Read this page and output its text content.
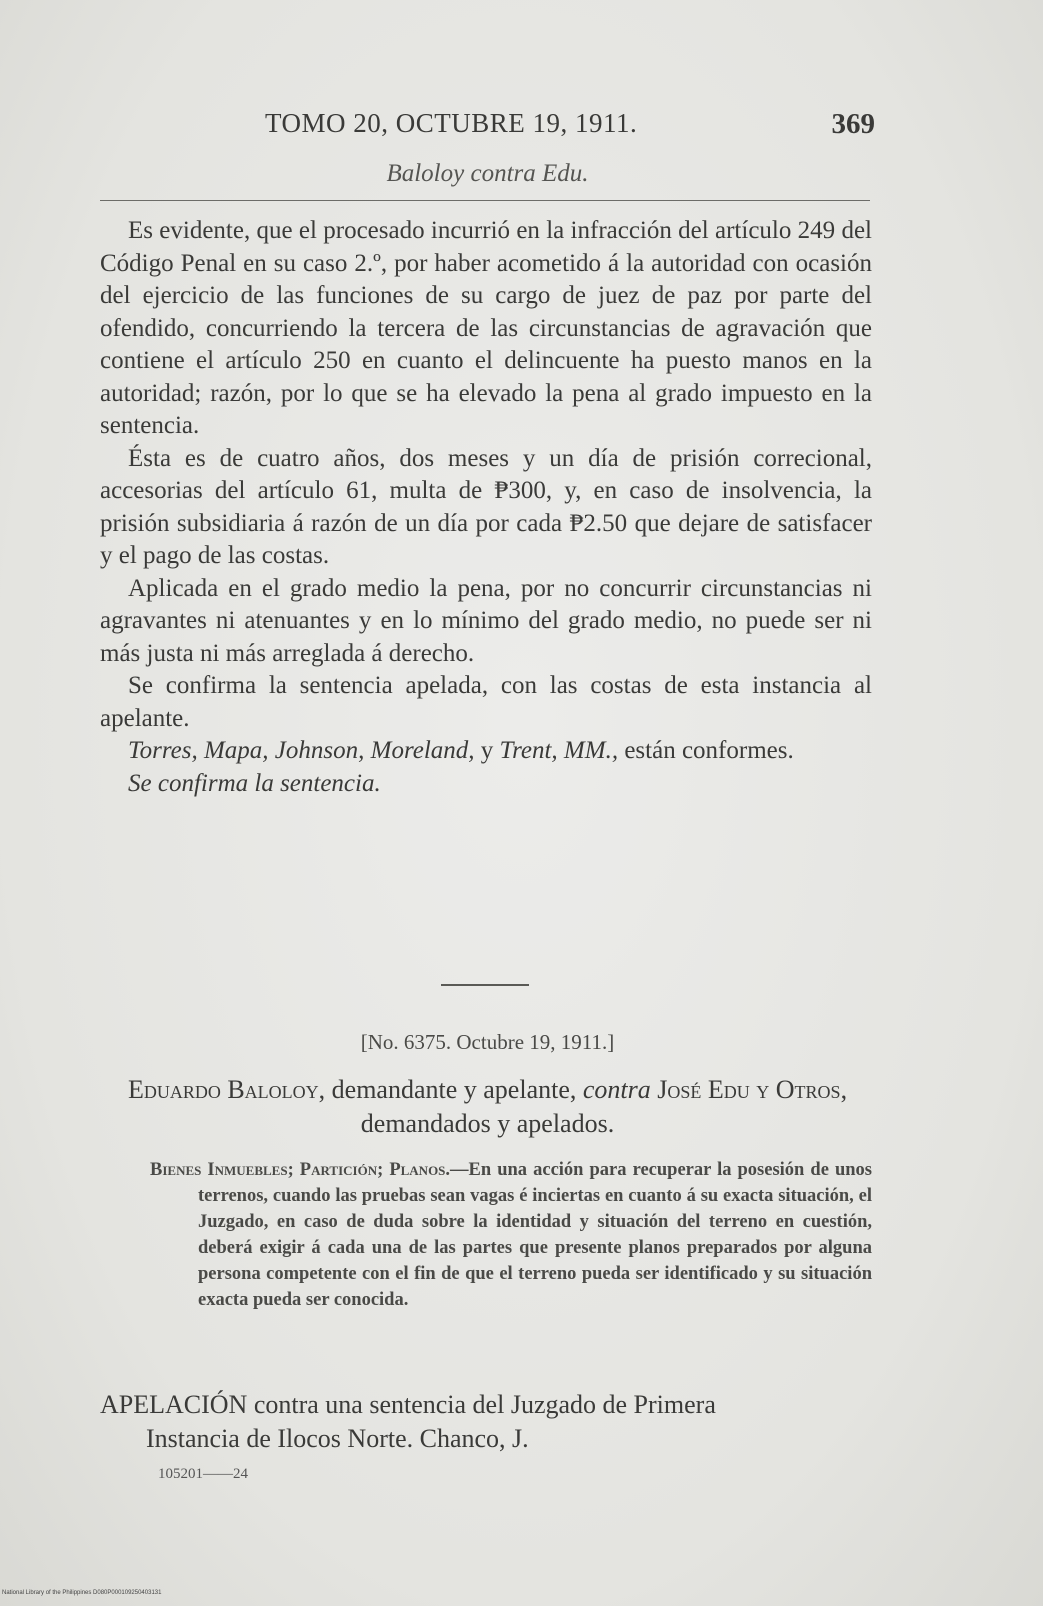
TOMO 20, OCTUBRE 19, 1911.	369
Baloloy contra Edu.

Es evidente, que el procesado incurrió en la infracción del artículo 249 del Código Penal en su caso 2.º, por haber acometido á la autoridad con ocasión del ejercicio de las funciones de su cargo de juez de paz por parte del ofendido, concurriendo la tercera de las circunstancias de agravación que contiene el artículo 250 en cuanto el delincuente ha puesto manos en la autoridad; razón, por lo que se ha elevado la pena al grado impuesto en la sentencia.

Ésta es de cuatro años, dos meses y un día de prisión correcional, accesorias del artículo 61, multa de ₱300, y, en caso de insolvencia, la prisión subsidiaria á razón de un día por cada ₱2.50 que dejare de satisfacer y el pago de las costas.

Aplicada en el grado medio la pena, por no concurrir circunstancias ni agravantes ni atenuantes y en lo mínimo del grado medio, no puede ser ni más justa ni más arreglada á derecho.

Se confirma la sentencia apelada, con las costas de esta instancia al apelante.

Torres, Mapa, Johnson, Moreland, y Trent, MM., están conformes.

Se confirma la sentencia.

[No. 6375. Octubre 19, 1911.]
Eduardo Baloloy, demandante y apelante, contra José Edu y Otros, demandados y apelados.

Bienes Inmuebles; Partición; Planos.—En una acción para recuperar la posesión de unos terrenos, cuando las pruebas sean vagas é inciertas en cuanto á su exacta situación, el Juzgado, en caso de duda sobre la identidad y situación del terreno en cuestión, deberá exigir á cada una de las partes que presente planos preparados por alguna persona competente con el fin de que el terreno pueda ser identificado y su situación exacta pueda ser conocida.

APELACIÓN contra una sentencia del Juzgado de Primera
Instancia de Ilocos Norte. Chanco, J.
105201——24
National Library of the Philippines D080P000109250403131
